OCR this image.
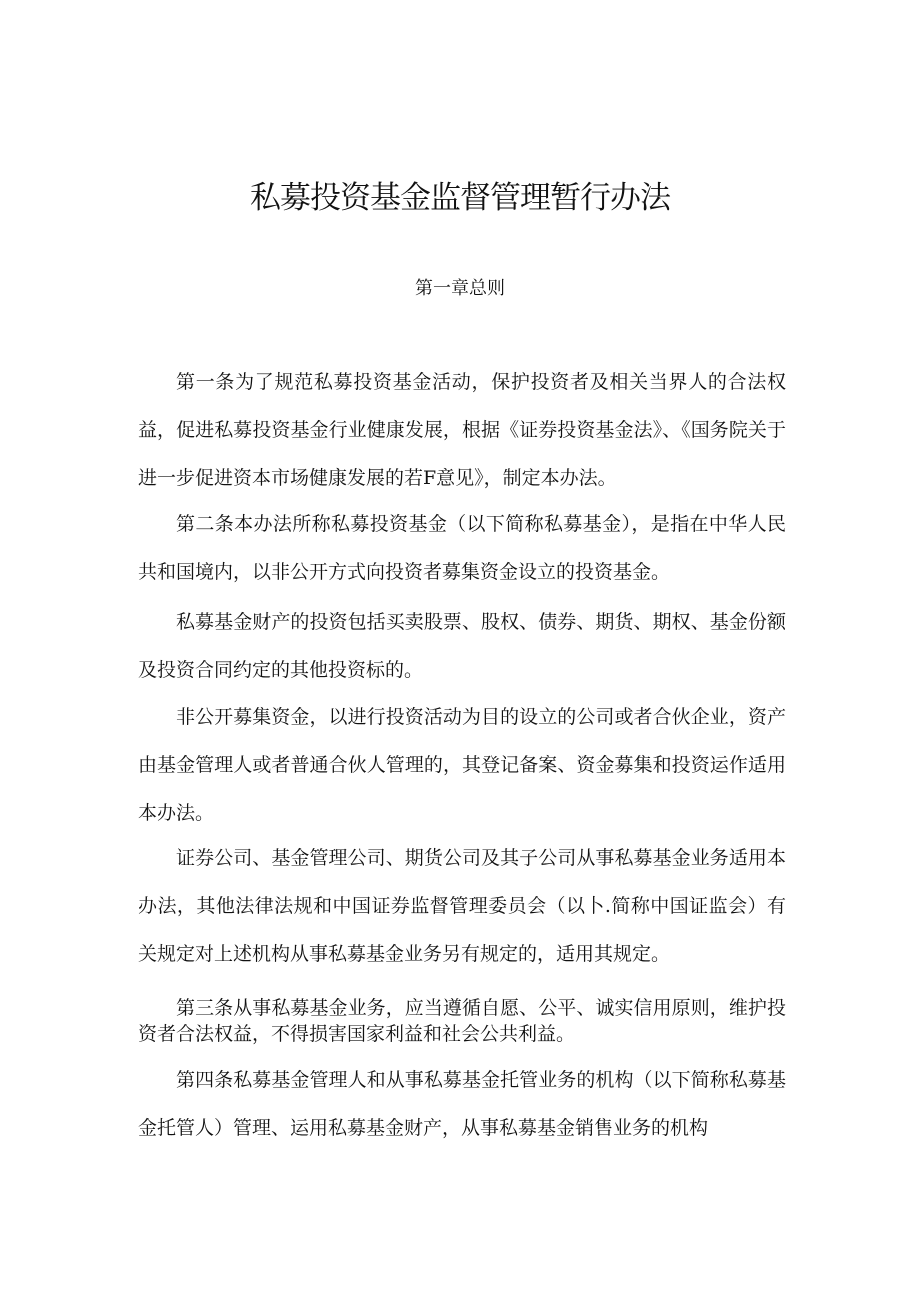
私募投资基金监督管理暂行办法
第一章总则

第一条为了规范私募投资基金活动，保护投资者及相关当界人的合法权益，促进私募投资基金行业健康发展，根据《证券投资基金法》、《国务院关于进一步促进资本市场健康发展的若F意见》，制定本办法。

第二条本办法所称私募投资基金（以下简称私募基金），是指在中华人民共和国境内，以非公开方式向投资者募集资金设立的投资基金。

私募基金财产的投资包括买卖股票、股权、债券、期货、期权、基金份额及投资合同约定的其他投资标的。

非公开募集资金，以进行投资活动为目的设立的公司或者合伙企业，资产由基金管理人或者普通合伙人管理的，其登记备案、资金募集和投资运作适用本办法。

证券公司、基金管理公司、期货公司及其子公司从事私募基金业务适用本办法，其他法律法规和中国证券监督管理委员会（以卜.简称中国证监会）有关规定对上述机构从事私募基金业务另有规定的，适用其规定。

第三条从事私募基金业务，应当遵循自愿、公平、诚实信用原则，维护投资者合法权益，不得损害国家利益和社会公共利益。

第四条私募基金管理人和从事私募基金托管业务的机构（以下简称私募基金托管人）管理、运用私募基金财产，从事私募基金销售业务的机构
